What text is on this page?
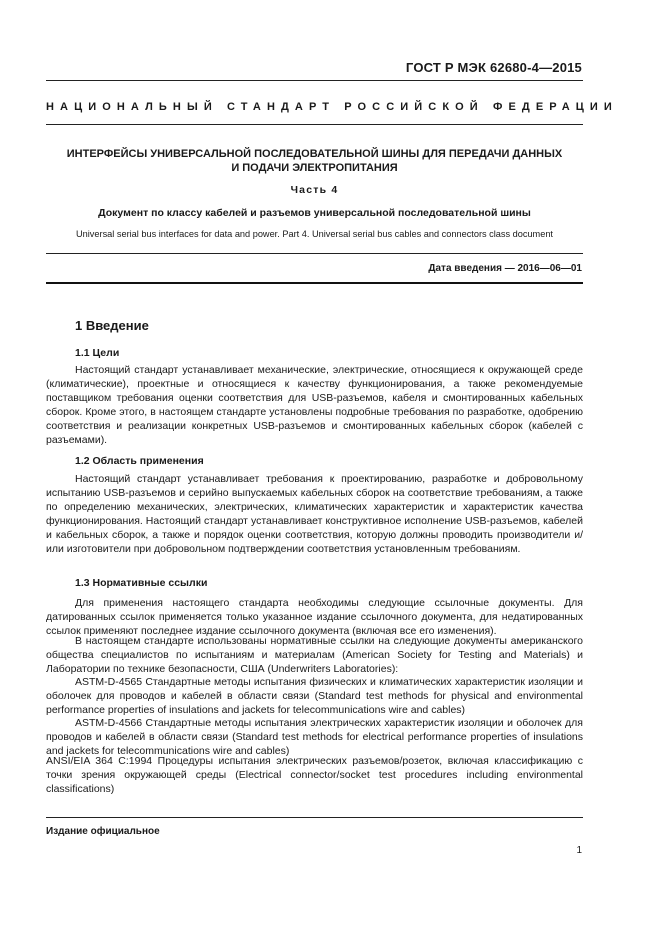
ГОСТ Р МЭК 62680-4—2015
НАЦИОНАЛЬНЫЙ СТАНДАРТ РОССИЙСКОЙ ФЕДЕРАЦИИ
ИНТЕРФЕЙСЫ УНИВЕРСАЛЬНОЙ ПОСЛЕДОВАТЕЛЬНОЙ ШИНЫ ДЛЯ ПЕРЕДАЧИ ДАННЫХ
И ПОДАЧИ ЭЛЕКТРОПИТАНИЯ
Часть 4
Документ по классу кабелей и разъемов универсальной последовательной шины
Universal serial bus interfaces for data and power. Part 4. Universal serial bus cables and connectors class document
Дата введения — 2016—06—01
1 Введение
1.1 Цели
Настоящий стандарт устанавливает механические, электрические, относящиеся к окружающей среде (климатические), проектные и относящиеся к качеству функционирования, а также рекомендуемые поставщиком требования оценки соответствия для USB-разъемов, кабеля и смонтированных кабельных сборок. Кроме этого, в настоящем стандарте установлены подробные требования по разработке, одобрению соответствия и реализации конкретных USB-разъемов и смонтированных кабельных сборок (кабелей с разъемами).
1.2 Область применения
Настоящий стандарт устанавливает требования к проектированию, разработке и добровольному испытанию USB-разъемов и серийно выпускаемых кабельных сборок на соответствие требованиям, а также по определению механических, электрических, климатических характеристик и характеристик качества функционирования. Настоящий стандарт устанавливает конструктивное исполнение USB-разъемов, кабелей и кабельных сборок, а также и порядок оценки соответствия, которую должны проводить производители и/или изготовители при добровольном подтверждении соответствия установленным требованиям.
1.3 Нормативные ссылки
Для применения настоящего стандарта необходимы следующие ссылочные документы. Для датированных ссылок применяется только указанное издание ссылочного документа, для недатированных ссылок применяют последнее издание ссылочного документа (включая все его изменения).
В настоящем стандарте использованы нормативные ссылки на следующие документы американского общества специалистов по испытаниям и материалам (American Society for Testing and Materials) и Лаборатории по технике безопасности, США (Underwriters Laboratories):
ASTM-D-4565 Стандартные методы испытания физических и климатических характеристик изоляции и оболочек для проводов и кабелей в области связи (Standard test methods for physical and environmental performance properties of insulations and jackets for telecommunications wire and cables)
ASTM-D-4566 Стандартные методы испытания электрических характеристик изоляции и оболочек для проводов и кабелей в области связи (Standard test methods for electrical performance properties of insulations and jackets for telecommunications wire and cables)
ANSI/EIA 364 C:1994 Процедуры испытания электрических разъемов/розеток, включая классификацию с точки зрения окружающей среды (Electrical connector/socket test procedures including environmental classifications)
Издание официальное
1
